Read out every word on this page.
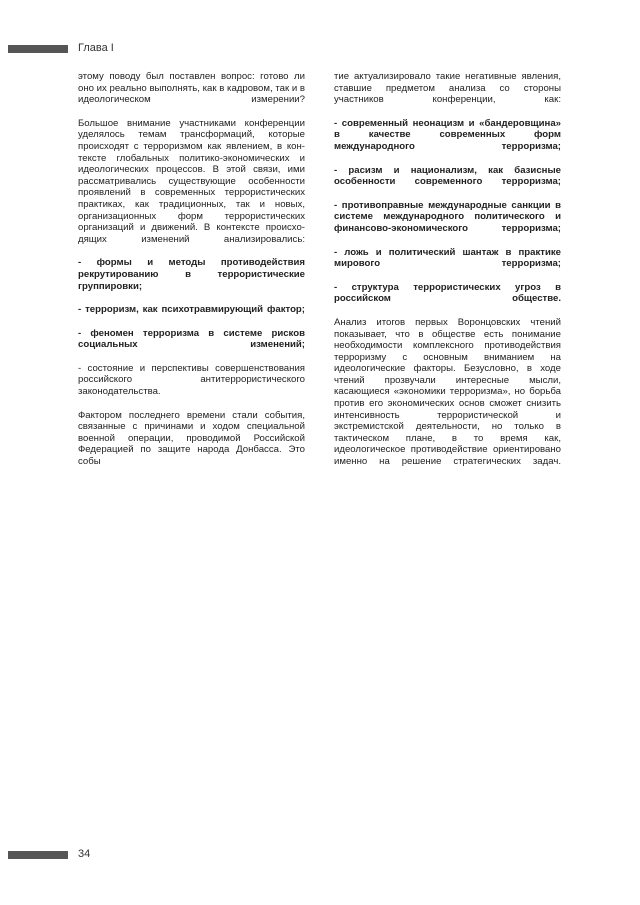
Глава I

этому поводу был поставлен вопрос: готово ли оно их реально выполнять, как в кадровом, так и в идеологическом измерении?

Большое внимание участниками конференции уделялось темам трансформаций, которые происходят с терроризмом как явлением, в контексте глобальных политико-экономических и идеологических процессов. В этой связи, ими рассматривались существующие особенности проявлений в современных террористических практиках, как традиционных, так и новых, организационных форм террористических организаций и движений. В контексте происходящих изменений анализировались:

- формы и методы противодействия рекрутированию в террористические группировки;

- терроризм, как психотравмирующий фактор;

- феномен терроризма в системе рисков социальных изменений;

- состояние и перспективы совершенствования российского антитеррористического законодательства.

Фактором последнего времени стали события, связанные с причинами и ходом специальной военной операции, проводимой Российской Федерацией по защите народа Донбасса. Это собы

тие актуализировало такие негативные явления, ставшие предметом анализа со стороны участников конференции, как:

- современный неонацизм и «бандеровщина» в качестве современных форм международного терроризма;

- расизм и национализм, как базисные особенности современного терроризма;

- противоправные международные санкции в системе международного политического и финансово-экономического терроризма;

- ложь и политический шантаж в практике мирового терроризма;

- структура террористических угроз в российском обществе.

Анализ итогов первых Воронцовских чтений показывает, что в обществе есть понимание необходимости комплексного противодействия терроризму с основным вниманием на идеологические факторы. Безусловно, в ходе чтений прозвучали интересные мысли, касающиеся «экономики терроризма», но борьба против его экономических основ сможет снизить интенсивность террористической и экстремистской деятельности, но только в тактическом плане, в то время как, идеологическое противодействие ориентировано именно на решение стратегических задач.

34
